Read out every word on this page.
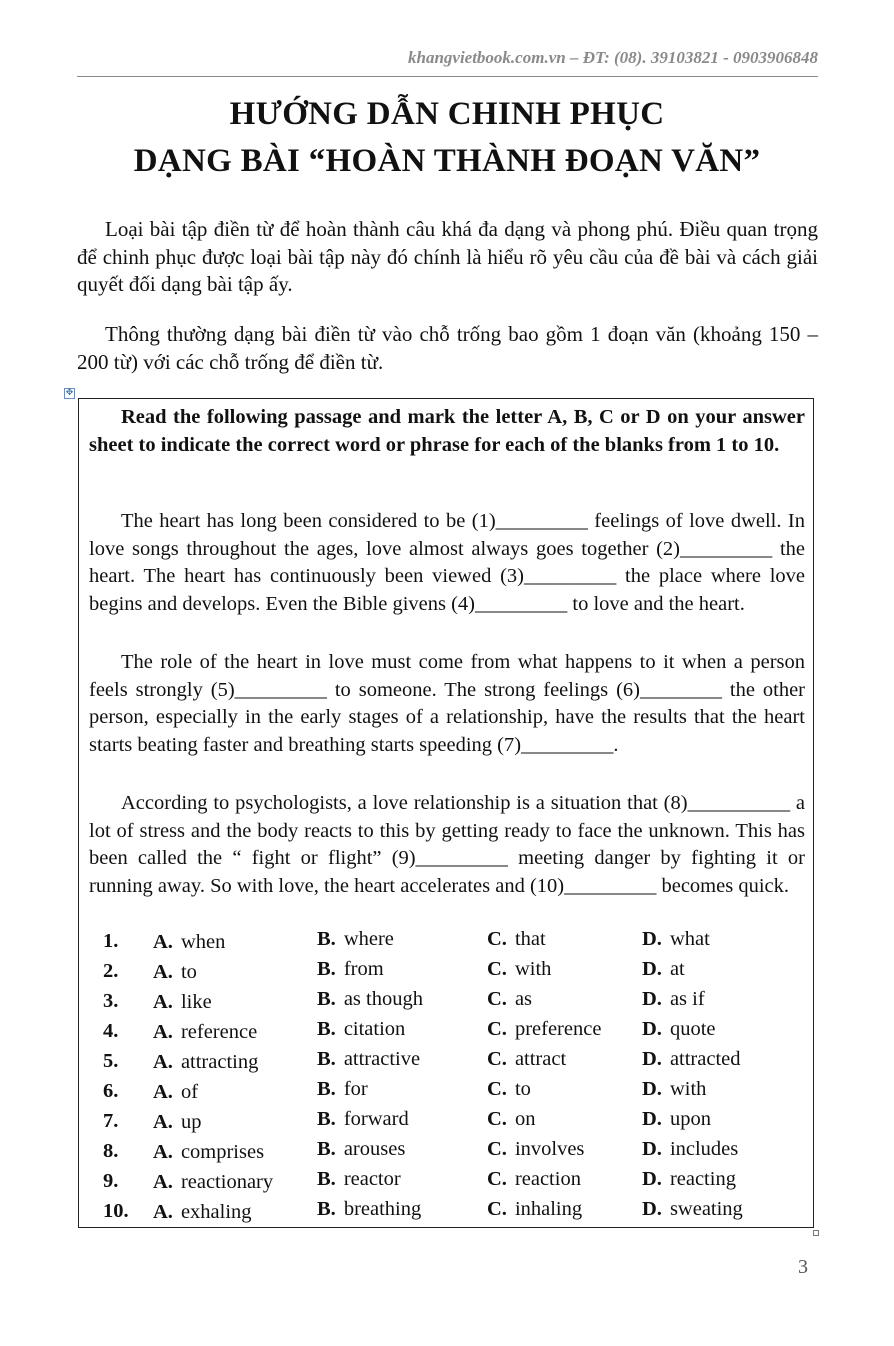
khangvietbook.com.vn – ĐT: (08). 39103821 - 0903906848
HƯỚNG DẪN CHINH PHỤC
DẠNG BÀI “HOÀN THÀNH ĐOẠN VĂN”
Loại bài tập điền từ để hoàn thành câu khá đa dạng và phong phú. Điều quan trọng để chinh phục được loại bài tập này đó chính là hiểu rõ yêu cầu của đề bài và cách giải quyết đối dạng bài tập ấy.
Thông thường dạng bài điền từ vào chỗ trống bao gồm 1 đoạn văn (khoảng 150 – 200 từ) với các chỗ trống để điền từ.
✥
Read the following passage and mark the letter A, B, C or D on your answer sheet to indicate the correct word or phrase for each of the blanks from 1 to 10.
The heart has long been considered to be (1)_________ feelings of love dwell. In love songs throughout the ages, love almost always goes together (2)_________ the heart. The heart has continuously been viewed (3)_________ the place where love begins and develops. Even the Bible givens (4)_________ to love and the heart.
The role of the heart in love must come from what happens to it when a person feels strongly (5)_________ to someone. The strong feelings (6)________ the other person, especially in the early stages of a relationship, have the results that the heart starts beating faster and breathing starts speeding (7)_________.
According to psychologists, a love relationship is a situation that (8)__________ a lot of stress and the body reacts to this by getting ready to face the unknown. This has been called the “ fight or flight” (9)_________ meeting danger by fighting it or running away. So with love, the heart accelerates and (10)_________ becomes quick.
1. A. when	B. where	C. that	D. what
2. A. to	B. from	C. with	D. at
3. A. like	B. as though	C. as	D. as if
4. A. reference	B. citation	C. preference D. quote
5. A. attracting	B. attractive	C. attract	D. attracted
6. A. of	B. for	C. to	D. with
7. A. up	B. forward	C. on	D. upon
8. A. comprises	B. arouses	C. involves	D. includes
9. A. reactionary B. reactor	C. reaction	D. reacting
10. A. exhaling	B. breathing	C. inhaling	D. sweating
3
